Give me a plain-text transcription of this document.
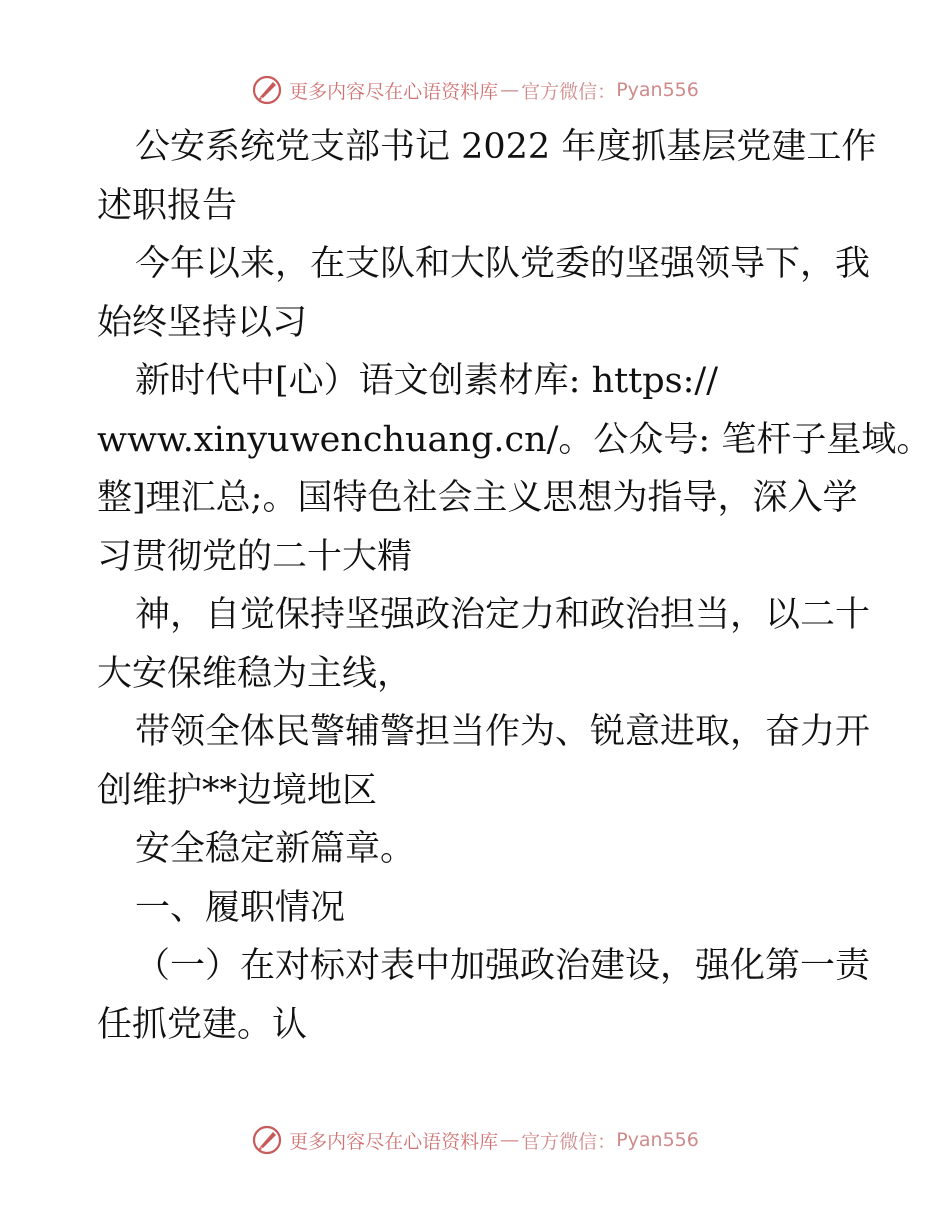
更多内容尽在心语资料库 — 官方微信： Pyan556
公安系统党支部书记 2022 年度抓基层党建工作
述职报告
今年以来，在支队和大队党委的坚强领导下，我
始终坚持以习
新时代中[心）语文创素材库: https://
www.xinyuwenchuang.cn/。公众号: 笔杆子星域。
整]理汇总;。国特色社会主义思想为指导，深入学
习贯彻党的二十大精
神，自觉保持坚强政治定力和政治担当，以二十
大安保维稳为主线，
带领全体民警辅警担当作为、锐意进取，奋力开
创维护**边境地区
安全稳定新篇章。
一、履职情况
（一）在对标对表中加强政治建设，强化第一责
任抓党建。认
更多内容尽在心语资料库 — 官方微信： Pyan556
